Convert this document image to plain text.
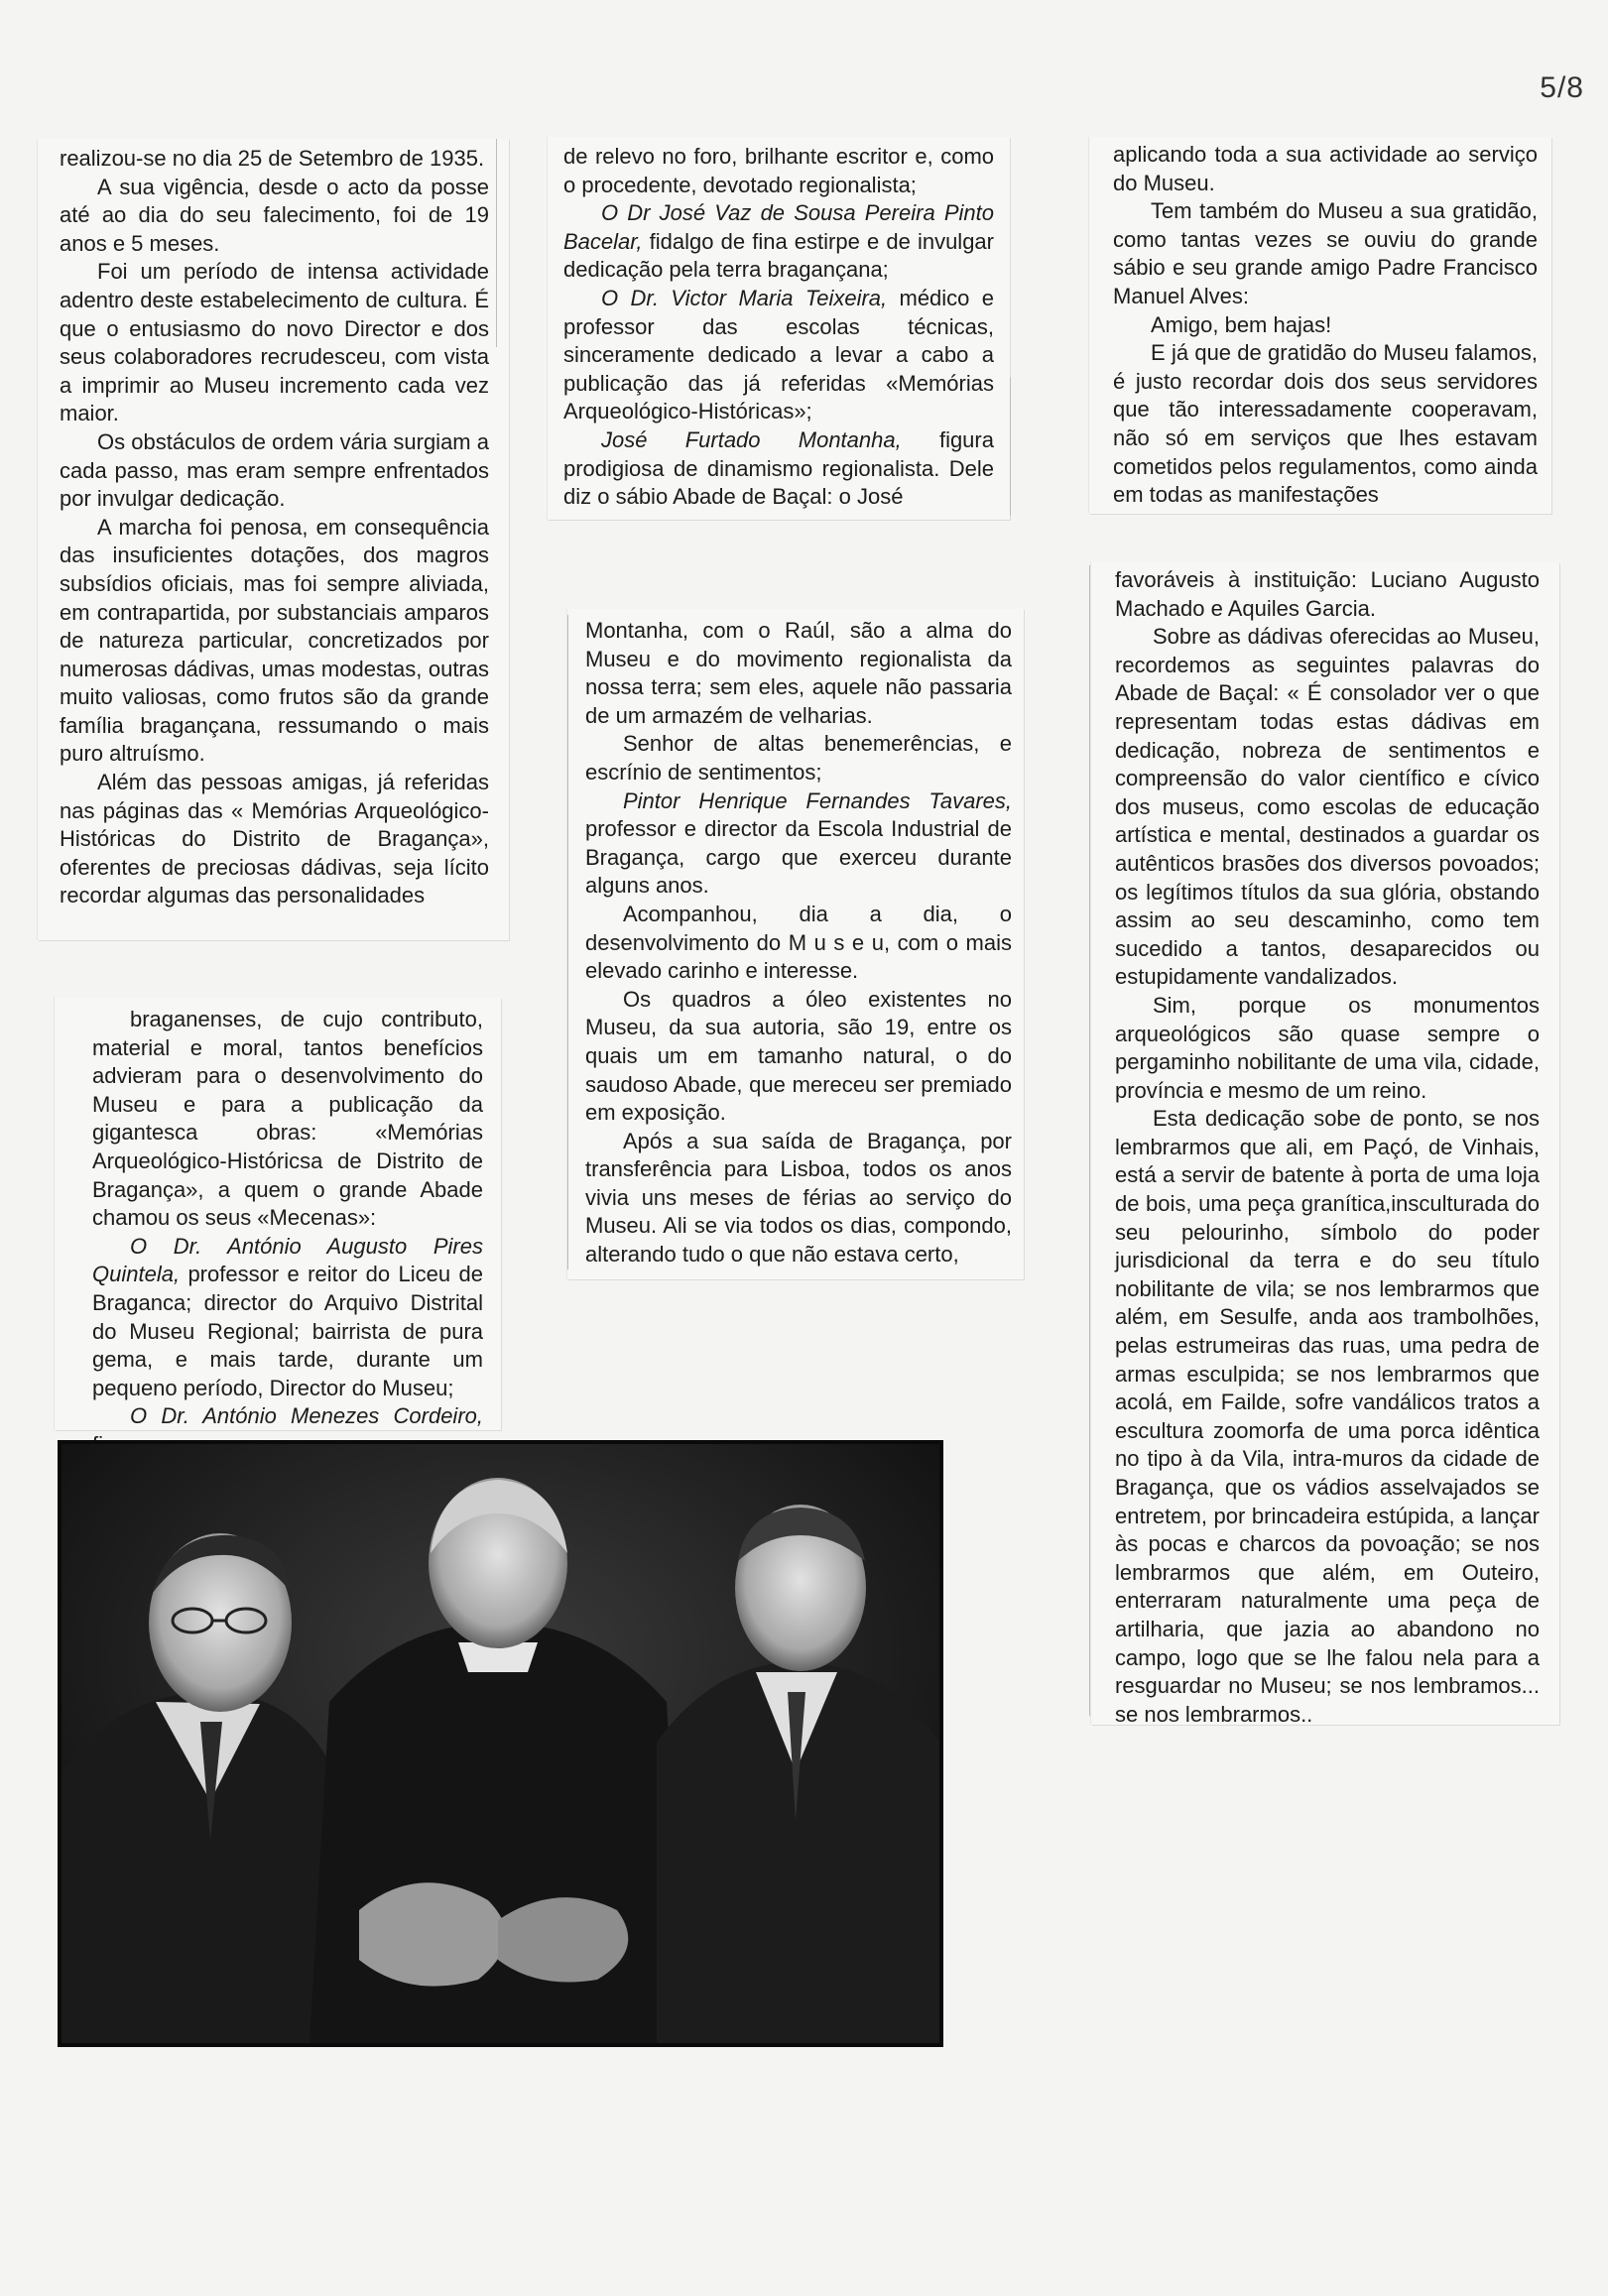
5/8

realizou-se no dia 25 de Setembro de 1935.

A sua vigência, desde o acto da posse até ao dia do seu falecimento, foi de 19 anos e 5 meses.

Foi um período de intensa actividade adentro deste estabelecimento de cultura. É que o entusiasmo do novo Director e dos seus colaboradores recrudesceu, com vista a imprimir ao Museu incremento cada vez maior.

Os obstáculos de ordem vária surgiam a cada passo, mas eram sempre enfrentados por invulgar dedicação.

A marcha foi penosa, em consequência das insuficientes dotações, dos magros subsídios oficiais, mas foi sempre aliviada, em contrapartida, por substanciais amparos de natureza particular, concretizados por numerosas dádivas, umas modestas, outras muito valiosas, como frutos são da grande família bragançana, ressumando o mais puro altruísmo.

Além das pessoas amigas, já referidas nas páginas das « Memórias Arqueológico-Históricas do Distrito de Bragança», oferentes de preciosas dádivas, seja lícito recordar algumas das personalidades

braganenses, de cujo contributo, material e moral, tantos benefícios advieram para o desenvolvimento do Museu e para a publicação da gigantesca obras: «Memórias Arqueológico-Históricsa de Distrito de Bragança», a quem o grande Abade chamou os seus «Mecenas»:

O Dr. António Augusto Pires Quintela, professor e reitor do Liceu de Braganca; director do Arquivo Distrital do Museu Regional; bairrista de pura gema, e mais tarde, durante um pequeno período, Director do Museu;

O Dr. António Menezes Cordeiro,

de relevo no foro, brilhante escritor e, como o procedente, devotado regionalista;

O Dr José Vaz de Sousa Pereira Pinto Bacelar, fidalgo de fina estirpe e de invulgar dedicação pela terra bragançana;

O Dr. Victor Maria Teixeira, médico e professor das escolas técnicas, sinceramente dedicado a levar a cabo a publicação das já referidas «Memórias Arqueológico-Históricas»;

José Furtado Montanha, figura prodigiosa de dinamismo regionalista. Dele diz o sábio Abade de Baçal: o José

Montanha, com o Raúl, são a alma do Museu e do movimento regionalista da nossa terra; sem eles, aquele não passaria de um armazém de velharias.

Senhor de altas benemerências, e escrínio de sentimentos;

Pintor Henrique Fernandes Tavares, professor e director da Escola Industrial de Bragança, cargo que exerceu durante alguns anos.

Acompanhou, dia a dia, o desenvolvimento do M u s e u, com o mais elevado carinho e interesse.

Os quadros a óleo existentes no Museu, da sua autoria, são 19, entre os quais um em tamanho natural, o do saudoso Abade, que mereceu ser premiado em exposição.

Após a sua saída de Bragança, por transferência para Lisboa, todos os anos vivia uns meses de férias ao serviço do Museu. Ali se via todos os dias, compondo, alterando tudo o que não estava certo,

aplicando toda a sua actividade ao serviço do Museu.

Tem também do Museu a sua gratidão, como tantas vezes se ouviu do grande sábio e seu grande amigo Padre Francisco Manuel Alves:

Amigo, bem hajas!

E já que de gratidão do Museu falamos, é justo recordar dois dos seus servidores que tão interessadamente cooperavam, não só em serviços que lhes estavam cometidos pelos regulamentos, como ainda em todas as manifestações

favoráveis à instituição: Luciano Augusto Machado e Aquiles Garcia.

Sobre as dádivas oferecidas ao Museu, recordemos as seguintes palavras do Abade de Baçal: « É consolador ver o que representam todas estas dádivas em dedicação, nobreza de sentimentos e compreensão do valor científico e cívico dos museus, como escolas de educação artística e mental, destinados a guardar os autênticos brasões dos diversos povoados; os legítimos títulos da sua glória, obstando assim ao seu descaminho, como tem sucedido a tantos, desaparecidos ou estupidamente vandalizados.

Sim, porque os monumentos arqueológicos são quase sempre o pergaminho nobilitante de uma vila, cidade, província e mesmo de um reino.

Esta dedicação sobe de ponto, se nos lembrarmos que ali, em Paçó, de Vinhais, está a servir de batente à porta de uma loja de bois, uma peça granítica,insculturada do seu pelourinho, símbolo do poder jurisdicional da terra e do seu título nobilitante de vila; se nos lembrarmos que além, em Sesulfe, anda aos trambolhões, pelas estrumeiras das ruas, uma pedra de armas esculpida; se nos lembrarmos que acolá, em Failde, sofre vandálicos tratos a escultura zoomorfa de uma porca idêntica no tipo à da Vila, intra-muros da cidade de Bragança, que os vádios asselvajados se entretem, por brincadeira estúpida, a lançar às pocas e charcos da povoação; se nos lembrarmos que além, em Outeiro, enterraram naturalmente uma peça de artilharia, que jazia ao abandono no campo, logo que se lhe falou nela para a resguardar no Museu; se nos lembramos... se nos lembrarmos..
